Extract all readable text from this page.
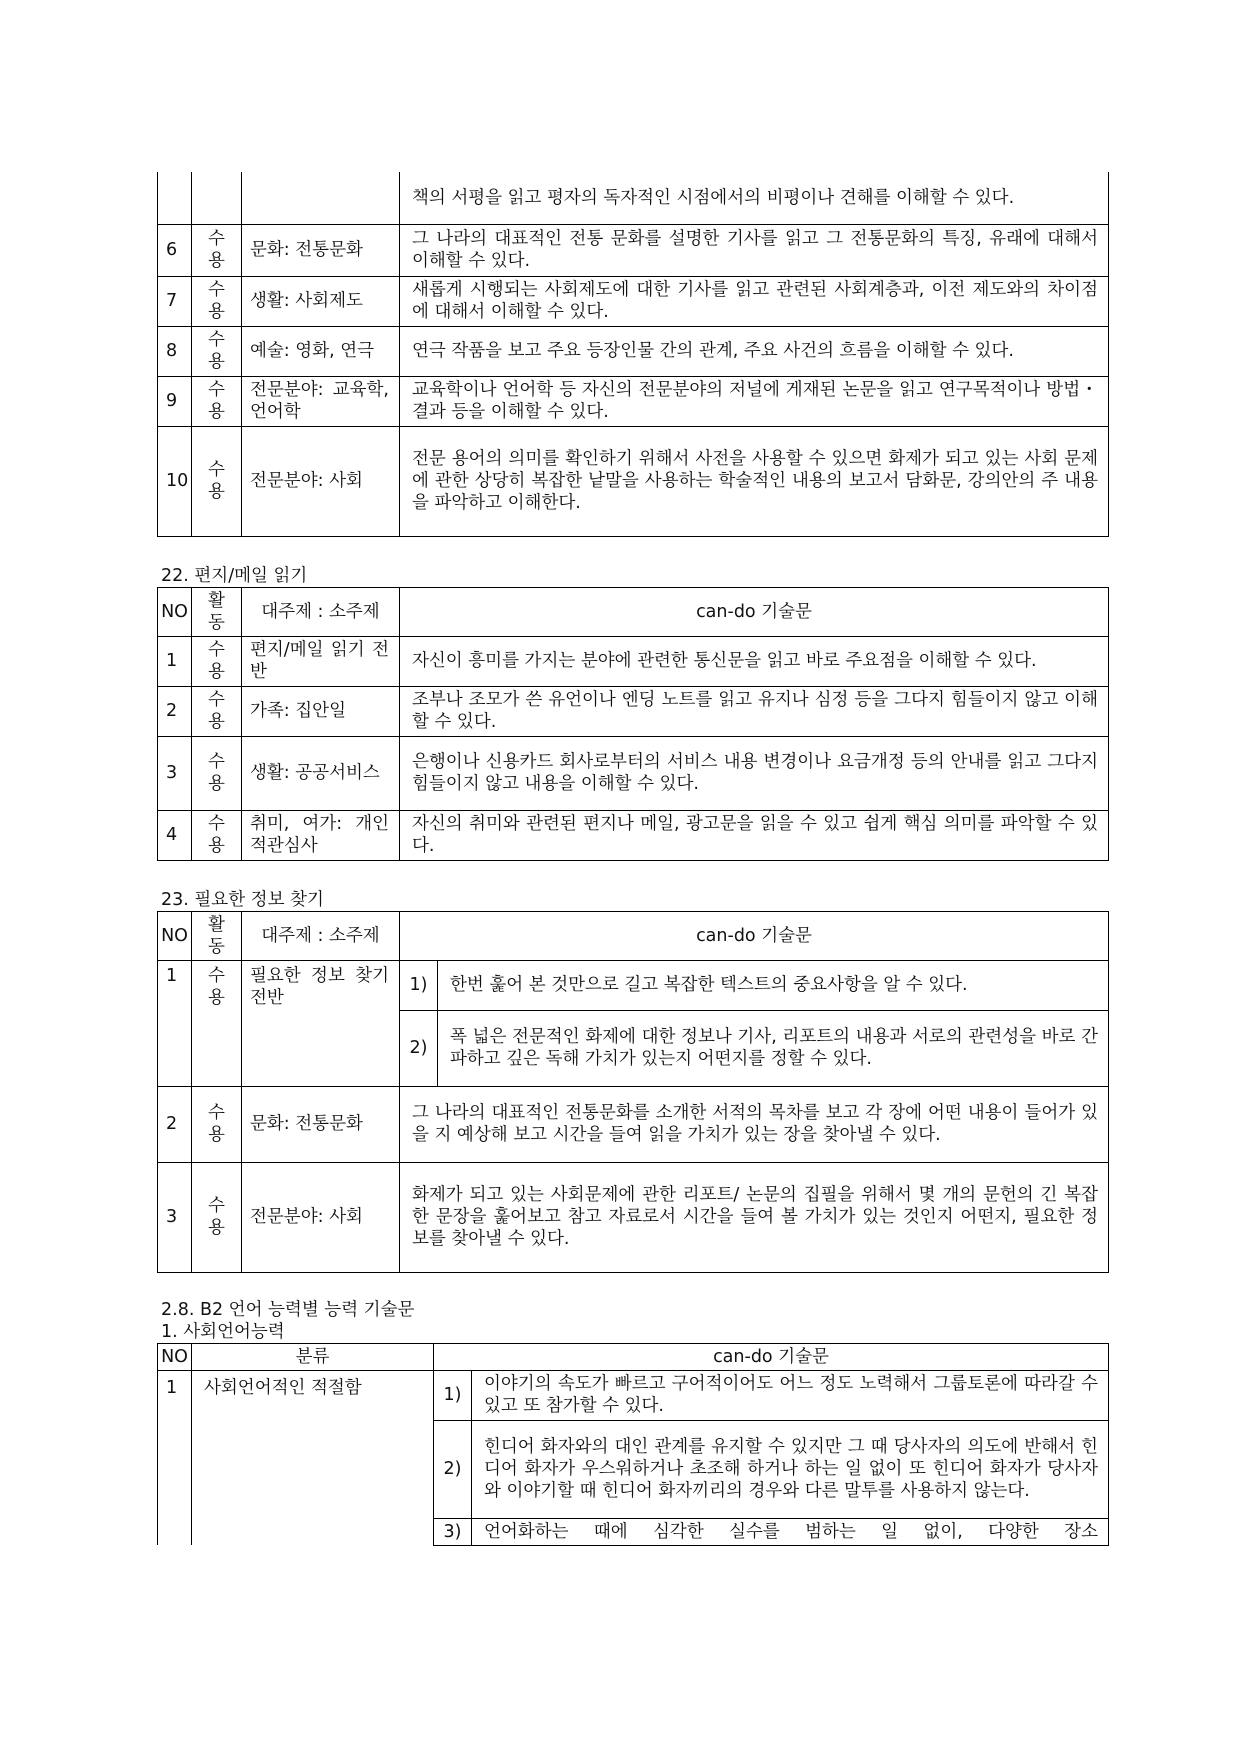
			책의 서평을 읽고 평자의 독자적인 시점에서의 비평이나 견해를 이해할 수 있다.
6	수용	문화: 전통문화	그 나라의 대표적인 전통 문화를 설명한 기사를 읽고 그 전통문화의 특징, 유래에 대해서 이해할 수 있다.
7	수용	생활: 사회제도	새롭게 시행되는 사회제도에 대한 기사를 읽고 관련된 사회계층과, 이전 제도와의 차이점에 대해서 이해할 수 있다.
8	수용	예술: 영화, 연극	연극 작품을 보고 주요 등장인물 간의 관계, 주요 사건의 흐름을 이해할 수 있다.
9	수용	전문분야: 교육학, 언어학	교육학이나 언어학 등 자신의 전문분야의 저널에 게재된 논문을 읽고 연구목적이나 방법・결과 등을 이해할 수 있다.
10	수용	전문분야: 사회	전문 용어의 의미를 확인하기 위해서 사전을 사용할 수 있으면 화제가 되고 있는 사회 문제에 관한 상당히 복잡한 낱말을 사용하는 학술적인 내용의 보고서 담화문, 강의안의 주 내용을 파악하고 이해한다.

22. 편지/메일 읽기

NO	활동	대주제 : 소주제	can-do 기술문
1	수용	편지/메일 읽기 전반	자신이 흥미를 가지는 분야에 관련한 통신문을 읽고 바로 주요점을 이해할 수 있다.
2	수용	가족: 집안일	조부나 조모가 쓴 유언이나 엔딩 노트를 읽고 유지나 심정 등을 그다지 힘들이지 않고 이해할 수 있다.
3	수용	생활: 공공서비스	은행이나 신용카드 회사로부터의 서비스 내용 변경이나 요금개정 등의 안내를 읽고 그다지 힘들이지 않고 내용을 이해할 수 있다.
4	수용	취미, 여가: 개인적관심사	자신의 취미와 관련된 편지나 메일, 광고문을 읽을 수 있고 쉽게 핵심 의미를 파악할 수 있다.

23. 필요한 정보 찾기

NO	활동	대주제 : 소주제	can-do 기술문	
1	수용	필요한 정보 찾기 전반	1)	한번 훑어 본 것만으로 길고 복잡한 텍스트의 중요사항을 알 수 있다.
			2)	폭 넓은 전문적인 화제에 대한 정보나 기사, 리포트의 내용과 서로의 관련성을 바로 간파하고 깊은 독해 가치가 있는지 어떤지를 정할 수 있다.
2	수용	문화: 전통문화	그 나라의 대표적인 전통문화를 소개한 서적의 목차를 보고 각 장에 어떤 내용이 들어가 있을 지 예상해 보고 시간을 들여 읽을 가치가 있는 장을 찾아낼 수 있다.	
3	수용	전문분야: 사회	화제가 되고 있는 사회문제에 관한 리포트/ 논문의 집필을 위해서 몇 개의 문헌의 긴 복잡한 문장을 훑어보고 참고 자료로서 시간을 들여 볼 가치가 있는 것인지 어떤지, 필요한 정보를 찾아낼 수 있다.	

2.8. B2 언어 능력별 능력 기술문

1. 사회언어능력

NO	분류	can-do 기술문	
1	사회언어적인 적절함	1)	이야기의 속도가 빠르고 구어적이어도 어느 정도 노력해서 그룹토론에 따라갈 수 있고 또 참가할 수 있다.
		2)	힌디어 화자와의 대인 관계를 유지할 수 있지만 그 때 당사자의 의도에 반해서 힌디어 화자가 우스워하거나 초조해 하거나 하는 일 없이 또 힌디어 화자가 당사자와 이야기할 때 힌디어 화자끼리의 경우와 다른 말투를 사용하지 않는다.
		3)	언어화하는 때에 심각한 실수를 범하는 일 없이, 다양한 장소
